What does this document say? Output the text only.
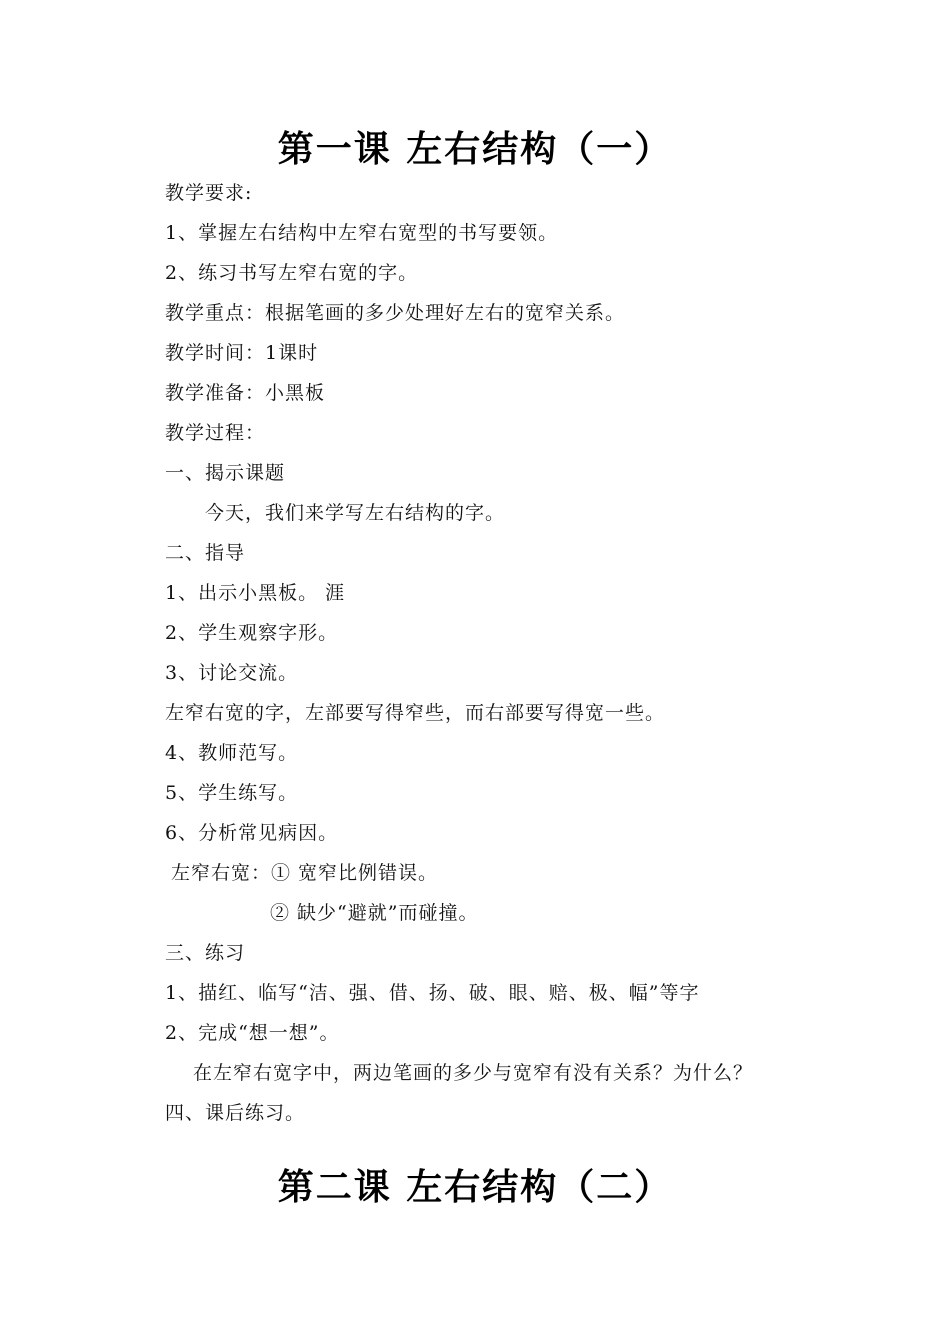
第一课 左右结构（一）
教学要求:
1、掌握左右结构中左窄右宽型的书写要领。
2、练习书写左窄右宽的字。
教学重点：根据笔画的多少处理好左右的宽窄关系。
教学时间：1课时
教学准备：小黑板
教学过程：
一、揭示课题
今天，我们来学写左右结构的字。
二、指导
1、出示小黑板。 涯
2、学生观察字形。
3、讨论交流。
左窄右宽的字，左部要写得窄些，而右部要写得宽一些。
4、教师范写。
5、学生练写。
6、分析常见病因。
左窄右宽：① 宽窄比例错误。
② 缺少“避就”而碰撞。
三、练习
1、描红、临写“洁、强、借、扬、破、眼、赔、极、幅”等字
2、完成“想一想”。
在左窄右宽字中，两边笔画的多少与宽窄有没有关系？为什么？
四、课后练习。
第二课 左右结构（二）
